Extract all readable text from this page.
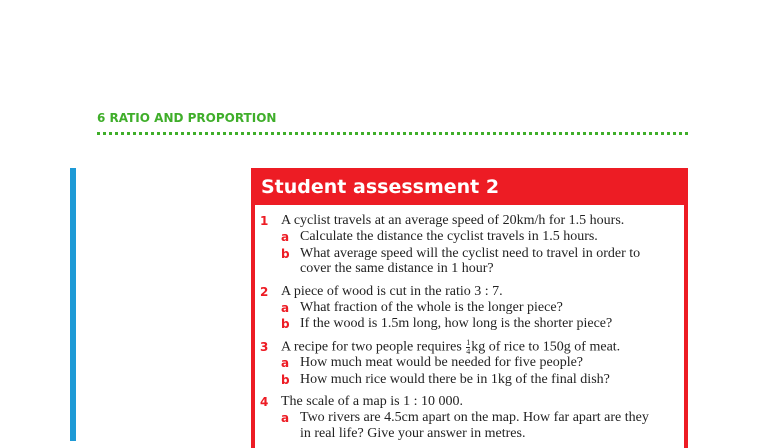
6 RATIO AND PROPORTION
Student assessment 2
1 A cyclist travels at an average speed of 20km/h for 1.5 hours.
a Calculate the distance the cyclist travels in 1.5 hours.
b What average speed will the cyclist need to travel in order to
cover the same distance in 1 hour?
2 A piece of wood is cut in the ratio 3 : 7.
a What fraction of the whole is the longer piece?
b If the wood is 1.5m long, how long is the shorter piece?
3 A recipe for two people requires $\frac{1}{4}$ kg of rice to 150g of meat.
a How much meat would be needed for five people?
b How much rice would there be in 1kg of the final dish?
4 The scale of a map is 1 : 10 000.
a Two rivers are 4.5cm apart on the map. How far apart are they
in real life? Give your answer in metres.
